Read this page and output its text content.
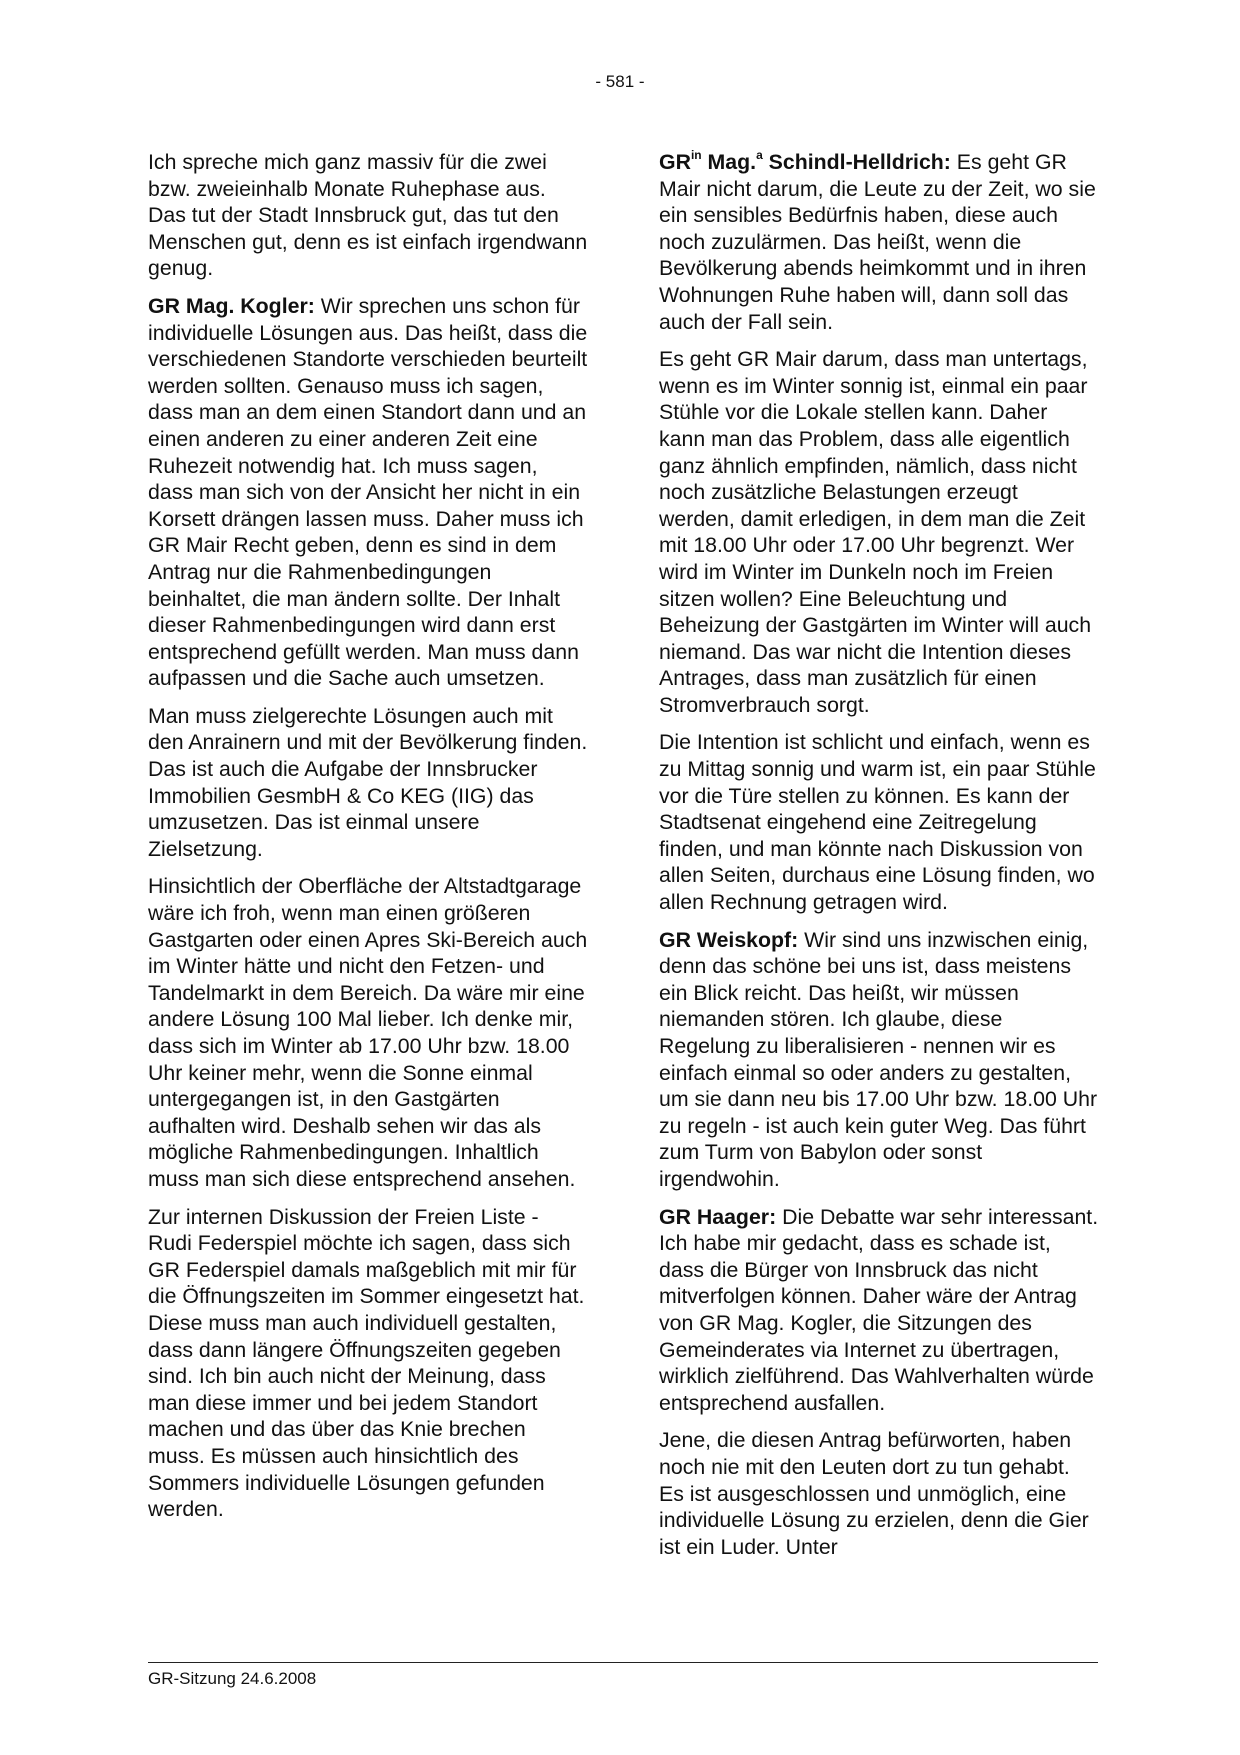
- 581 -

Ich spreche mich ganz massiv für die zwei bzw. zweieinhalb Monate Ruhephase aus. Das tut der Stadt Innsbruck gut, das tut den Menschen gut, denn es ist einfach irgendwann genug.

GR Mag. Kogler: Wir sprechen uns schon für individuelle Lösungen aus. Das heißt, dass die verschiedenen Standorte verschieden beurteilt werden sollten. Genauso muss ich sagen, dass man an dem einen Standort dann und an einen anderen zu einer anderen Zeit eine Ruhezeit notwendig hat. Ich muss sagen, dass man sich von der Ansicht her nicht in ein Korsett drängen lassen muss. Daher muss ich GR Mair Recht geben, denn es sind in dem Antrag nur die Rahmenbedingungen beinhaltet, die man ändern sollte. Der Inhalt dieser Rahmenbedingungen wird dann erst entsprechend gefüllt werden. Man muss dann aufpassen und die Sache auch umsetzen.

Man muss zielgerechte Lösungen auch mit den Anrainern und mit der Bevölkerung finden. Das ist auch die Aufgabe der Innsbrucker Immobilien GesmbH & Co KEG (IIG) das umzusetzen. Das ist einmal unsere Zielsetzung.

Hinsichtlich der Oberfläche der Altstadtgarage wäre ich froh, wenn man einen größeren Gastgarten oder einen Apres Ski-Bereich auch im Winter hätte und nicht den Fetzen- und Tandelmarkt in dem Bereich. Da wäre mir eine andere Lösung 100 Mal lieber. Ich denke mir, dass sich im Winter ab 17.00 Uhr bzw. 18.00 Uhr keiner mehr, wenn die Sonne einmal untergegangen ist, in den Gastgärten aufhalten wird. Deshalb sehen wir das als mögliche Rahmenbedingungen. Inhaltlich muss man sich diese entsprechend ansehen.

Zur internen Diskussion der Freien Liste - Rudi Federspiel möchte ich sagen, dass sich GR Federspiel damals maßgeblich mit mir für die Öffnungszeiten im Sommer eingesetzt hat. Diese muss man auch individuell gestalten, dass dann längere Öffnungszeiten gegeben sind. Ich bin auch nicht der Meinung, dass man diese immer und bei jedem Standort machen und das über das Knie brechen muss. Es müssen auch hinsichtlich des Sommers individuelle Lösungen gefunden werden.

$GR^{in}$ Mag.$^a$ Schindl-Helldrich: Es geht GR Mair nicht darum, die Leute zu der Zeit, wo sie ein sensibles Bedürfnis haben, diese auch noch zuzulärmen. Das heißt, wenn die Bevölkerung abends heimkommt und in ihren Wohnungen Ruhe haben will, dann soll das auch der Fall sein.

Es geht GR Mair darum, dass man untertags, wenn es im Winter sonnig ist, einmal ein paar Stühle vor die Lokale stellen kann. Daher kann man das Problem, dass alle eigentlich ganz ähnlich empfinden, nämlich, dass nicht noch zusätzliche Belastungen erzeugt werden, damit erledigen, in dem man die Zeit mit 18.00 Uhr oder 17.00 Uhr begrenzt. Wer wird im Winter im Dunkeln noch im Freien sitzen wollen? Eine Beleuchtung und Beheizung der Gastgärten im Winter will auch niemand. Das war nicht die Intention dieses Antrages, dass man zusätzlich für einen Stromverbrauch sorgt.

Die Intention ist schlicht und einfach, wenn es zu Mittag sonnig und warm ist, ein paar Stühle vor die Türe stellen zu können. Es kann der Stadtsenat eingehend eine Zeitregelung finden, und man könnte nach Diskussion von allen Seiten, durchaus eine Lösung finden, wo allen Rechnung getragen wird.

GR Weiskopf: Wir sind uns inzwischen einig, denn das schöne bei uns ist, dass meistens ein Blick reicht. Das heißt, wir müssen niemanden stören. Ich glaube, diese Regelung zu liberalisieren - nennen wir es einfach einmal so oder anders zu gestalten, um sie dann neu bis 17.00 Uhr bzw. 18.00 Uhr zu regeln - ist auch kein guter Weg. Das führt zum Turm von Babylon oder sonst irgendwohin.

GR Haager: Die Debatte war sehr interessant. Ich habe mir gedacht, dass es schade ist, dass die Bürger von Innsbruck das nicht mitverfolgen können. Daher wäre der Antrag von GR Mag. Kogler, die Sitzungen des Gemeinderates via Internet zu übertragen, wirklich zielführend. Das Wahlverhalten würde entsprechend ausfallen.

Jene, die diesen Antrag befürworten, haben noch nie mit den Leuten dort zu tun gehabt. Es ist ausgeschlossen und unmöglich, eine individuelle Lösung zu erzielen, denn die Gier ist ein Luder. Unter

GR-Sitzung 24.6.2008
